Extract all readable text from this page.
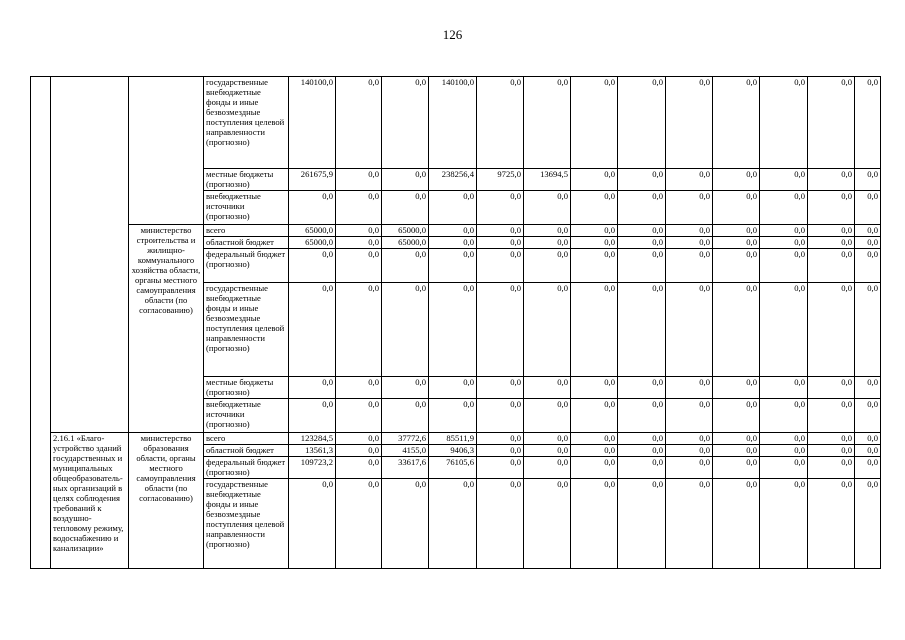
126
			государственные внебюджетные фонды и иные безвозмездные поступления целевой направленности (прогнозно)	140100,0	0,0	0,0	140100,0	0,0	0,0	0,0	0,0	0,0	0,0	0,0	0,0	0,0
			местные бюджеты (прогнозно)	261675,9	0,0	0,0	238256,4	9725,0	13694,5	0,0	0,0	0,0	0,0	0,0	0,0	0,0
			внебюджетные источники (прогнозно)	0,0	0,0	0,0	0,0	0,0	0,0	0,0	0,0	0,0	0,0	0,0	0,0	0,0
		министерство строительства и жилищно-коммунального хозяйства области, органы местного самоуправления области (по согласованию)	всего	65000,0	0,0	65000,0	0,0	0,0	0,0	0,0	0,0	0,0	0,0	0,0	0,0	0,0
			областной бюджет	65000,0	0,0	65000,0	0,0	0,0	0,0	0,0	0,0	0,0	0,0	0,0	0,0	0,0
			федеральный бюджет (прогнозно)	0,0	0,0	0,0	0,0	0,0	0,0	0,0	0,0	0,0	0,0	0,0	0,0	0,0
			государственные внебюджетные фонды и иные безвозмездные поступления целевой направленности (прогнозно)	0,0	0,0	0,0	0,0	0,0	0,0	0,0	0,0	0,0	0,0	0,0	0,0	0,0
			местные бюджеты (прогнозно)	0,0	0,0	0,0	0,0	0,0	0,0	0,0	0,0	0,0	0,0	0,0	0,0	0,0
			внебюджетные источники (прогнозно)	0,0	0,0	0,0	0,0	0,0	0,0	0,0	0,0	0,0	0,0	0,0	0,0	0,0
	2.16.1 «Благо-устройство зданий государственных и муниципальных общеобразователь-ных организаций в целях соблюдения требований к воздушно-тепловому режиму, водоснабжению и канализации»	министерство образования области, органы местного самоуправления области (по согласованию)	всего	123284,5	0,0	37772,6	85511,9	0,0	0,0	0,0	0,0	0,0	0,0	0,0	0,0	0,0
			областной бюджет	13561,3	0,0	4155,0	9406,3	0,0	0,0	0,0	0,0	0,0	0,0	0,0	0,0	0,0
			федеральный бюджет (прогнозно)	109723,2	0,0	33617,6	76105,6	0,0	0,0	0,0	0,0	0,0	0,0	0,0	0,0	0,0
			государственные внебюджетные фонды и иные безвозмездные поступления целевой направленности (прогнозно)	0,0	0,0	0,0	0,0	0,0	0,0	0,0	0,0	0,0	0,0	0,0	0,0	0,0
